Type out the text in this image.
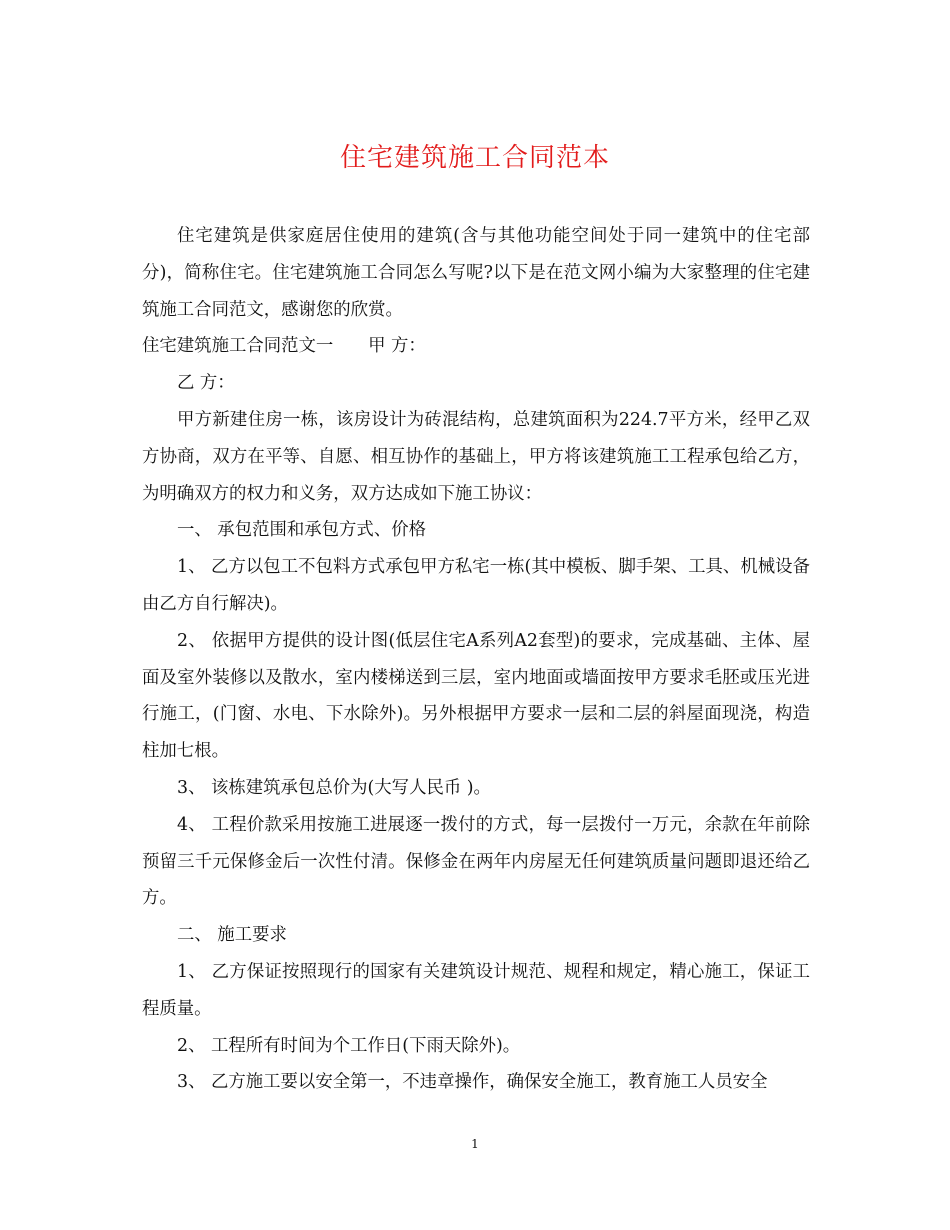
住宅建筑施工合同范本

住宅建筑是供家庭居住使用的建筑(含与其他功能空间处于同一建筑中的住宅部分)，简称住宅。住宅建筑施工合同怎么写呢?以下是在范文网小编为大家整理的住宅建筑施工合同范文，感谢您的欣赏。

住宅建筑施工合同范文一　　甲 方：

乙 方：

甲方新建住房一栋，该房设计为砖混结构，总建筑面积为224.7平方米，经甲乙双方协商，双方在平等、自愿、相互协作的基础上，甲方将该建筑施工工程承包给乙方，为明确双方的权力和义务，双方达成如下施工协议：

一、 承包范围和承包方式、价格

1、 乙方以包工不包料方式承包甲方私宅一栋(其中模板、脚手架、工具、机械设备由乙方自行解决)。

2、 依据甲方提供的设计图(低层住宅A系列A2套型)的要求，完成基础、主体、屋面及室外装修以及散水，室内楼梯送到三层，室内地面或墙面按甲方要求毛胚或压光进行施工，(门窗、水电、下水除外)。另外根据甲方要求一层和二层的斜屋面现浇，构造柱加七根。

3、 该栋建筑承包总价为(大写人民币 )。

4、 工程价款采用按施工进展逐一拨付的方式，每一层拨付一万元，余款在年前除预留三千元保修金后一次性付清。保修金在两年内房屋无任何建筑质量问题即退还给乙方。

二、 施工要求

1、 乙方保证按照现行的国家有关建筑设计规范、规程和规定，精心施工，保证工程质量。

2、 工程所有时间为个工作日(下雨天除外)。

3、 乙方施工要以安全第一，不违章操作，确保安全施工，教育施工人员安全

1
